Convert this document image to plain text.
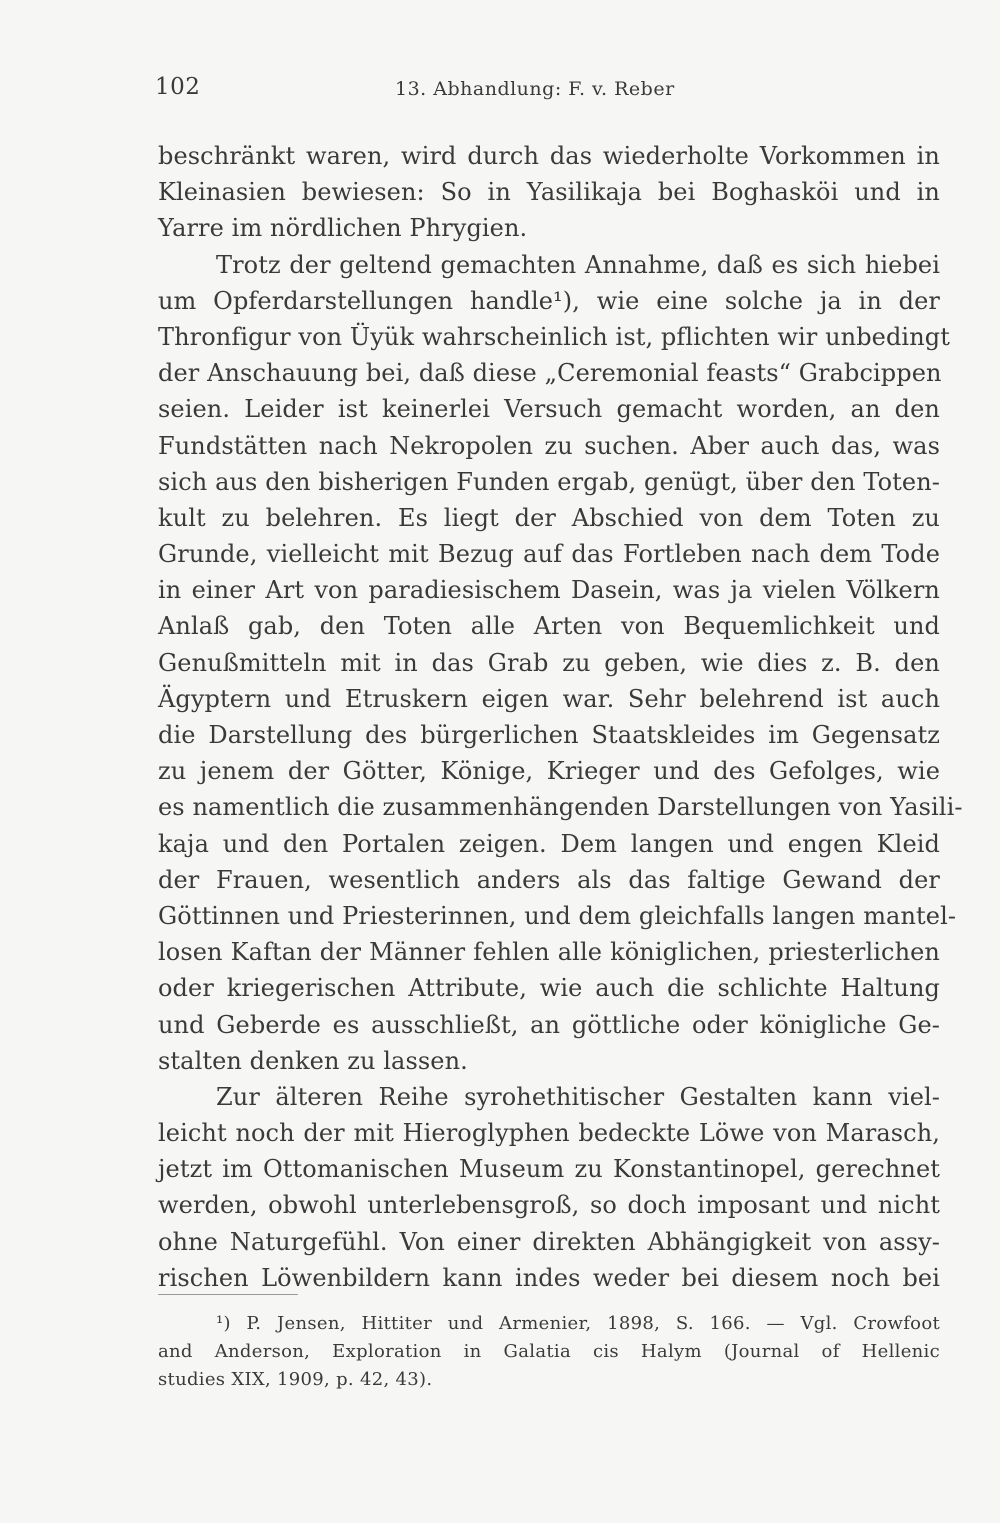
102	13. Abhandlung: F. v. Reber
beschränkt waren, wird durch das wiederholte Vorkommen in
Kleinasien bewiesen: So in Yasilikaja bei Boghasköi und in
Yarre im nördlichen Phrygien.
Trotz der geltend gemachten Annahme, daß es sich hiebei
um Opferdarstellungen handle¹), wie eine solche ja in der
Thronfigur von Üyük wahrscheinlich ist, pflichten wir unbedingt
der Anschauung bei, daß diese „Ceremonial feasts“ Grabcippen
seien. Leider ist keinerlei Versuch gemacht worden, an den
Fundstätten nach Nekropolen zu suchen. Aber auch das, was
sich aus den bisherigen Funden ergab, genügt, über den Toten-
kult zu belehren. Es liegt der Abschied von dem Toten zu
Grunde, vielleicht mit Bezug auf das Fortleben nach dem Tode
in einer Art von paradiesischem Dasein, was ja vielen Völkern
Anlaß gab, den Toten alle Arten von Bequemlichkeit und
Genußmitteln mit in das Grab zu geben, wie dies z. B. den
Ägyptern und Etruskern eigen war. Sehr belehrend ist auch
die Darstellung des bürgerlichen Staatskleides im Gegensatz
zu jenem der Götter, Könige, Krieger und des Gefolges, wie
es namentlich die zusammenhängenden Darstellungen von Yasili-
kaja und den Portalen zeigen. Dem langen und engen Kleid
der Frauen, wesentlich anders als das faltige Gewand der
Göttinnen und Priesterinnen, und dem gleichfalls langen mantel-
losen Kaftan der Männer fehlen alle königlichen, priesterlichen
oder kriegerischen Attribute, wie auch die schlichte Haltung
und Geberde es ausschließt, an göttliche oder königliche Ge-
stalten denken zu lassen.
Zur älteren Reihe syrohethitischer Gestalten kann viel-
leicht noch der mit Hieroglyphen bedeckte Löwe von Marasch,
jetzt im Ottomanischen Museum zu Konstantinopel, gerechnet
werden, obwohl unterlebensgroß, so doch imposant und nicht
ohne Naturgefühl. Von einer direkten Abhängigkeit von assy-
rischen Löwenbildern kann indes weder bei diesem noch bei
¹) P. Jensen, Hittiter und Armenier, 1898, S. 166. — Vgl. Crowfoot
and Anderson, Exploration in Galatia cis Halym (Journal of Hellenic
studies XIX, 1909, p. 42, 43).
